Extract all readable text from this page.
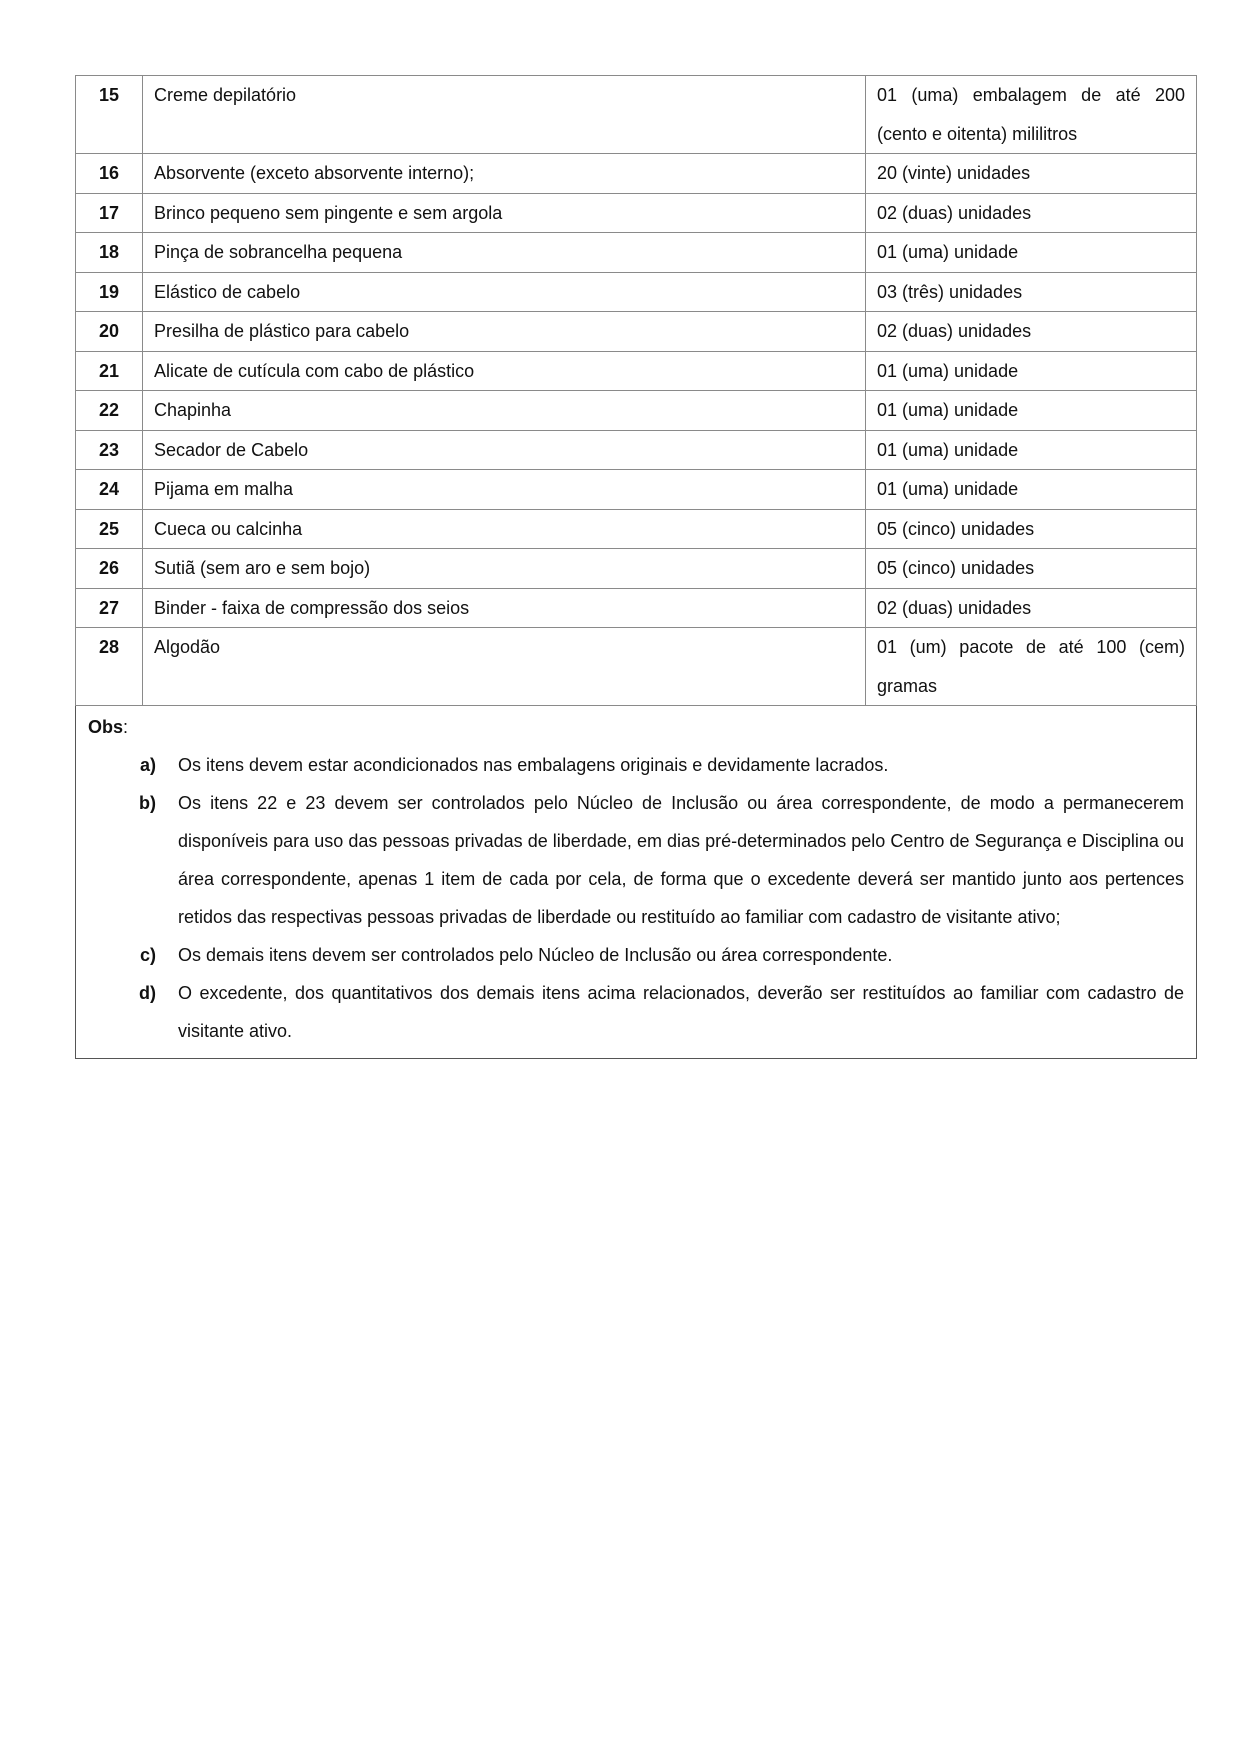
15	Creme depilatório	01 (uma) embalagem de até 200 (cento e oitenta) mililitros
16	Absorvente (exceto absorvente interno);	20 (vinte) unidades
17	Brinco pequeno sem pingente e sem argola	02 (duas) unidades
18	Pinça de sobrancelha pequena	01 (uma) unidade
19	Elástico de cabelo	03 (três) unidades
20	Presilha de plástico para cabelo	02 (duas) unidades
21	Alicate de cutícula com cabo de plástico	01 (uma) unidade
22	Chapinha	01 (uma) unidade
23	Secador de Cabelo	01 (uma) unidade
24	Pijama em malha	01 (uma) unidade
25	Cueca ou calcinha	05 (cinco) unidades
26	Sutiã (sem aro e sem bojo)	05 (cinco) unidades
27	Binder - faixa de compressão dos seios	02 (duas) unidades
28	Algodão	01 (um) pacote de até 100 (cem) gramas
Obs:
a)	Os itens devem estar acondicionados nas embalagens originais e devidamente lacrados.
b)	Os itens 22 e 23 devem ser controlados pelo Núcleo de Inclusão ou área correspondente, de modo a permanecerem disponíveis para uso das pessoas privadas de liberdade, em dias pré-determinados pelo Centro de Segurança e Disciplina ou área correspondente, apenas 1 item de cada por cela, de forma que o excedente deverá ser mantido junto aos pertences retidos das respectivas pessoas privadas de liberdade ou restituído ao familiar com cadastro de visitante ativo;
c)	Os demais itens devem ser controlados pelo Núcleo de Inclusão ou área correspondente.
d)	O excedente, dos quantitativos dos demais itens acima relacionados, deverão ser restituídos ao familiar com cadastro de visitante ativo.
